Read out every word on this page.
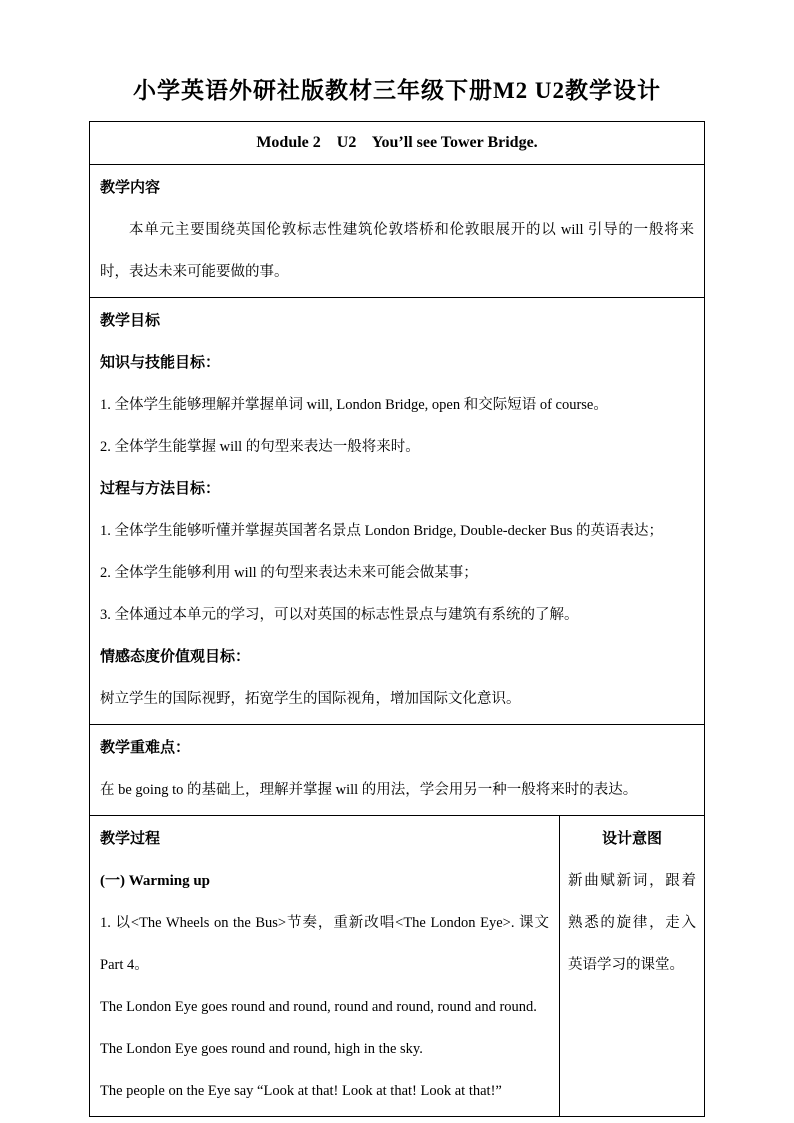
小学英语外研社版教材三年级下册M2 U2教学设计
Module 2    U2    You’ll see Tower Bridge.

教学内容

本单元主要围绕英国伦敦标志性建筑伦敦塔桥和伦敦眼展开的以 will 引导的一般将来时，表达未来可能要做的事。

教学目标

知识与技能目标：

1. 全体学生能够理解并掌握单词 will, London Bridge, open 和交际短语 of course。

2. 全体学生能掌握 will 的句型来表达一般将来时。

过程与方法目标：

1. 全体学生能够听懂并掌握英国著名景点 London Bridge, Double-decker Bus 的英语表达；

2. 全体学生能够利用 will 的句型来表达未来可能会做某事；

3. 全体通过本单元的学习，可以对英国的标志性景点与建筑有系统的了解。

情感态度价值观目标：

树立学生的国际视野，拓宽学生的国际视角，增加国际文化意识。

教学重难点：

在 be going to 的基础上，理解并掌握 will 的用法，学会用另一种一般将来时的表达。

教学过程

(一) Warming up

1. 以<The Wheels on the Bus>节奏，重新改唱<The London Eye>. 课文 Part 4。

The London Eye goes round and round, round and round, round and round.

The London Eye goes round and round, high in the sky.

The people on the Eye say “Look at that! Look at that! Look at that!”

设计意图

新曲赋新词，跟着熟悉的旋律，走入英语学习的课堂。
